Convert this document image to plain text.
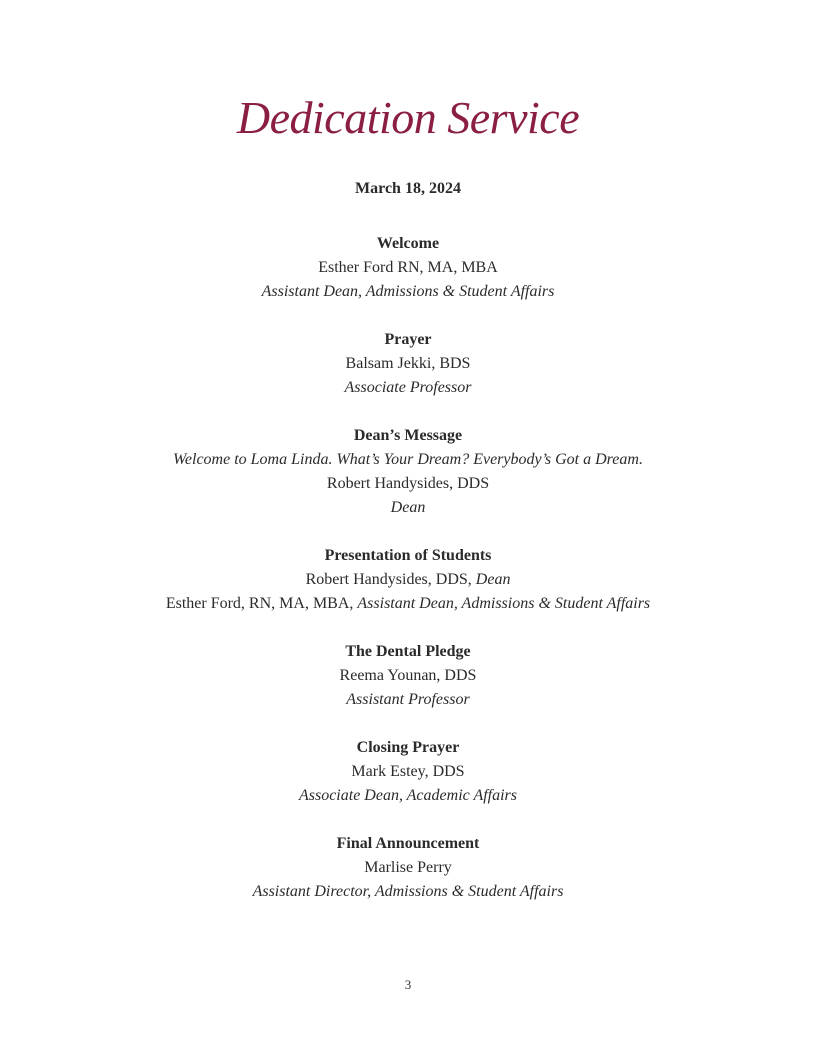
Dedication Service
March 18, 2024
Welcome
Esther Ford RN, MA, MBA
Assistant Dean, Admissions & Student Affairs
Prayer
Balsam Jekki, BDS
Associate Professor
Dean’s Message
Welcome to Loma Linda. What’s Your Dream? Everybody’s Got a Dream.
Robert Handysides, DDS
Dean
Presentation of Students
Robert Handysides, DDS, Dean
Esther Ford, RN, MA, MBA, Assistant Dean, Admissions & Student Affairs
The Dental Pledge
Reema Younan, DDS
Assistant Professor
Closing Prayer
Mark Estey, DDS
Associate Dean, Academic Affairs
Final Announcement
Marlise Perry
Assistant Director, Admissions & Student Affairs
3
